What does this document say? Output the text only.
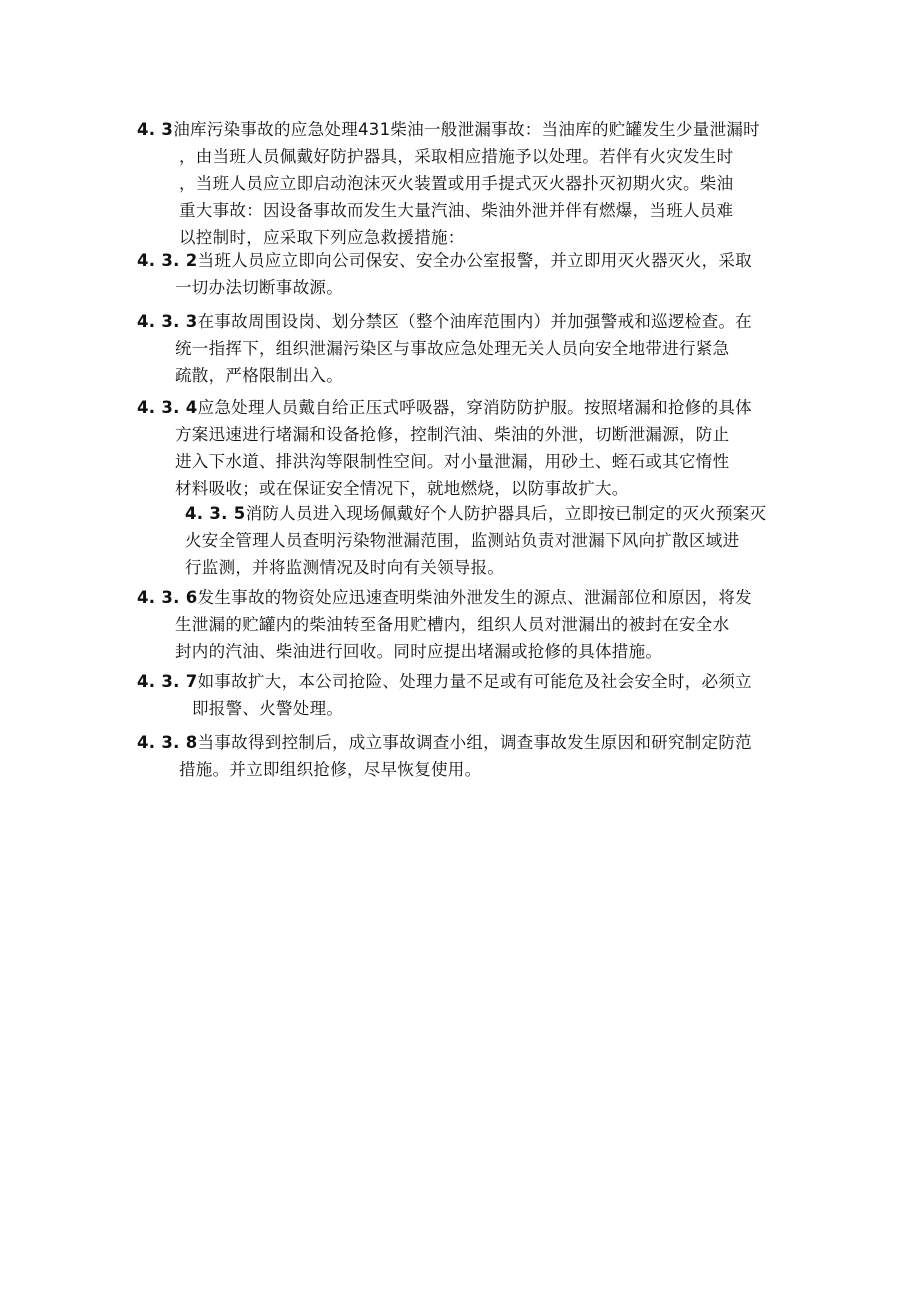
4. 3油库污染事故的应急处理431柴油一般泄漏事故：当油库的贮罐发生少量泄漏时
，由当班人员佩戴好防护器具，采取相应措施予以处理。若伴有火灾发生时
，当班人员应立即启动泡沫灭火装置或用手提式灭火器扑灭初期火灾。柴油
重大事故：因设备事故而发生大量汽油、柴油外泄并伴有燃爆，当班人员难
以控制时，应采取下列应急救援措施：
4. 3. 2当班人员应立即向公司保安、安全办公室报警，并立即用灭火器灭火，采取
一切办法切断事故源。
4. 3. 3在事故周围设岗、划分禁区（整个油库范围内）并加强警戒和巡逻检查。在
统一指挥下，组织泄漏污染区与事故应急处理无关人员向安全地带进行紧急
疏散，严格限制出入。
4. 3. 4应急处理人员戴自给正压式呼吸器，穿消防防护服。按照堵漏和抢修的具体
方案迅速进行堵漏和设备抢修，控制汽油、柴油的外泄，切断泄漏源，防止
进入下水道、排洪沟等限制性空间。对小量泄漏，用砂土、蛭石或其它惰性
材料吸收；或在保证安全情况下，就地燃烧，以防事故扩大。
4. 3. 5消防人员进入现场佩戴好个人防护器具后，立即按已制定的灭火预案灭
火安全管理人员查明污染物泄漏范围，监测站负责对泄漏下风向扩散区域进
行监测，并将监测情况及时向有关领导报。
4. 3. 6发生事故的物资处应迅速查明柴油外泄发生的源点、泄漏部位和原因，将发
生泄漏的贮罐内的柴油转至备用贮槽内，组织人员对泄漏出的被封在安全水
封内的汽油、柴油进行回收。同时应提出堵漏或抢修的具体措施。
4. 3. 7如事故扩大，本公司抢险、处理力量不足或有可能危及社会安全时，必须立
即报警、火警处理。
4. 3. 8当事故得到控制后，成立事故调查小组，调查事故发生原因和研究制定防范
措施。并立即组织抢修，尽早恢复使用。
